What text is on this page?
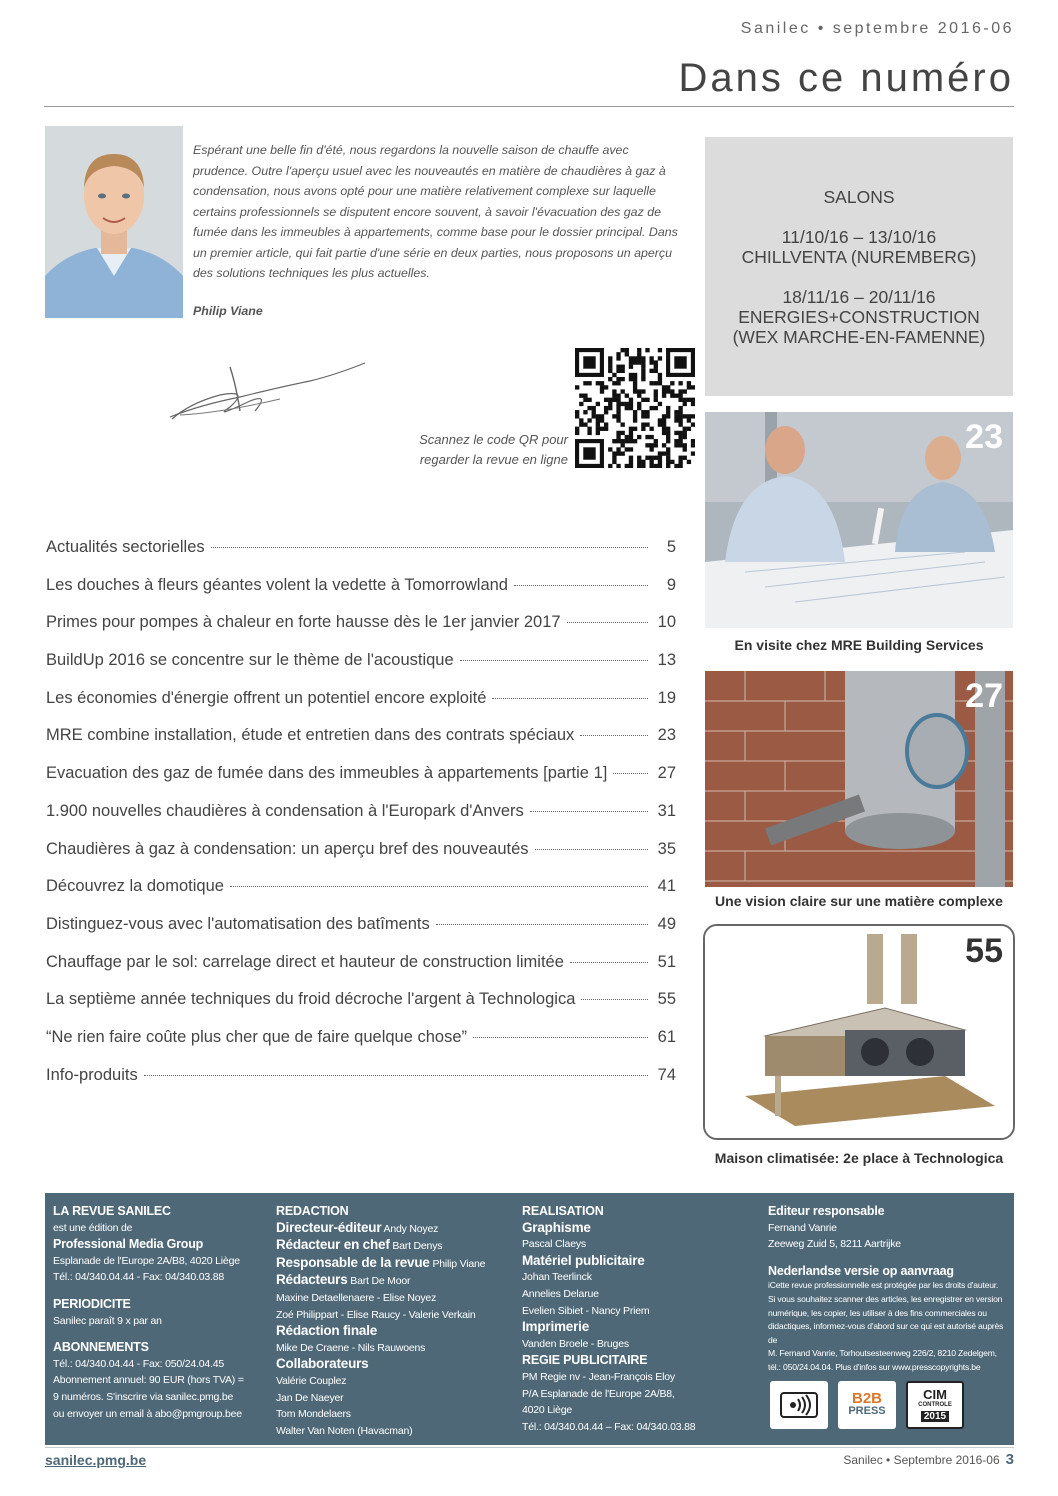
Sanilec • septembre 2016-06
Dans ce numéro
Espérant une belle fin d'été, nous regardons la nouvelle saison de chauffe avec prudence. Outre l'aperçu usuel avec les nouveautés en matière de chaudières à gaz à condensation, nous avons opté pour une matière relativement complexe sur laquelle certains professionnels se disputent encore souvent, à savoir l'évacuation des gaz de fumée dans les immeubles à appartements, comme base pour le dossier principal. Dans un premier article, qui fait partie d'une série en deux parties, nous proposons un aperçu des solutions techniques les plus actuelles.
Philip Viane
Scannez le code QR pour regarder la revue en ligne
SALONS
11/10/16 – 13/10/16
CHILLVENTA (NUREMBERG)
18/11/16 – 20/11/16
ENERGIES+CONSTRUCTION (WEX MARCHE-EN-FAMENNE)
23
En visite chez MRE Building Services
27
Une vision claire sur une matière complexe
55
Maison climatisée: 2e place à Technologica
Actualités sectorielles	5
Les douches à fleurs géantes volent la vedette à Tomorrowland	9
Primes pour pompes à chaleur en forte hausse dès le 1er janvier 2017	10
BuildUp 2016 se concentre sur le thème de l'acoustique	13
Les économies d'énergie offrent un potentiel encore exploité	19
MRE combine installation, étude et entretien dans des contrats spéciaux	23
Evacuation des gaz de fumée dans des immeubles à appartements [partie 1]	27
1.900 nouvelles chaudières à condensation à l'Europark d'Anvers	31
Chaudières à gaz à condensation: un aperçu bref des nouveautés	35
Découvrez la domotique	41
Distinguez-vous avec l'automatisation des batîments	49
Chauffage par le sol: carrelage direct et hauteur de construction limitée	51
La septième année techniques du froid décroche l'argent à Technologica	55
“Ne rien faire coûte plus cher que de faire quelque chose”	61
Info-produits	74
LA REVUE SANILEC
est une édition de
Professional Media Group
Esplanade de l'Europe 2A/B8, 4020 Liège
Tél.: 04/340.04.44 - Fax: 04/340.03.88
PERIODICITE
Sanilec paraît 9 x par an
ABONNEMENTS
Tél.: 04/340.04.44 - Fax: 050/24.04.45
Abonnement annuel: 90 EUR (hors TVA) =
9 numéros. S'inscrire via sanilec.pmg.be
ou envoyer un email à abo@pmgroup.bee
REDACTION
Directeur-éditeur Andy Noyez
Rédacteur en chef Bart Denys
Responsable de la revue Philip Viane
Rédacteurs Bart De Moor
Maxine Detaellenaere - Elise Noyez
Zoé Philippart - Elise Raucy - Valerie Verkain
Rédaction finale
Mike De Craene - Nils Rauwoens
Collaborateurs
Valérie Couplez
Jan De Naeyer
Tom Mondelaers
Walter Van Noten (Havacman)
REALISATION
Graphisme
Pascal Claeys
Matériel publicitaire
Johan Teerlinck
Annelies Delarue
Evelien Sibiet - Nancy Priem
Imprimerie
Vanden Broele - Bruges
REGIE PUBLICITAIRE
PM Regie nv - Jean-François Eloy
P/A Esplanade de l'Europe 2A/B8,
4020 Liège
Tél.: 04/340.04.44 – Fax: 04/340.03.88
Editeur responsable
Fernand Vanrie
Zeeweg Zuid 5, 8211 Aartrijke
Nederlandse versie op aanvraag
iCette revue professionnelle est protégée par les droits d'auteur.
Si vous souhaitez scanner des articles, les enregistrer en version
numérique, les copier, les utiliser à des fins commerciales ou
didactiques, informez-vous d'abord sur ce qui est autorisé auprès de
M. Fernand Vanrie, Torhoutsesteenweg 226/2, 8210 Zedelgem,
tél.: 050/24.04.04. Plus d'infos sur www.presscopyrights.be
B2B
PRESS
CIM
CONTROLE
2015
sanilec.pmg.be	Sanilec • Septembre 2016-06 3
